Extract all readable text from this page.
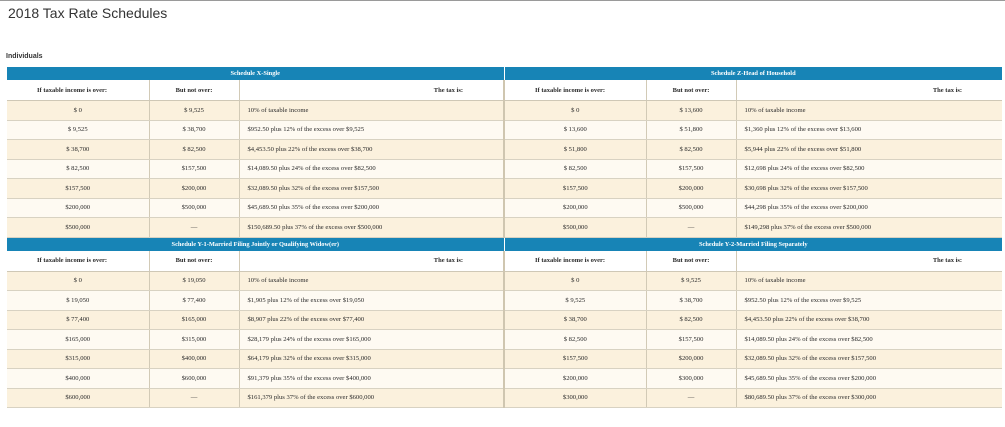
2018 Tax Rate Schedules
Individuals
Schedule X-Single			Schedule Z-Head of Household		
If taxable income is over:	But not over:	The tax is:	If taxable income is over:	But not over:	The tax is:
$ 0	$ 9,525	10% of taxable income	$ 0	$ 13,600	10% of taxable income
$ 9,525	$ 38,700	$952.50 plus 12% of the excess over $9,525	$ 13,600	$ 51,800	$1,360 plus 12% of the excess over $13,600
$ 38,700	$ 82,500	$4,453.50 plus 22% of the excess over $38,700	$ 51,800	$ 82,500	$5,944 plus 22% of the excess over $51,800
$ 82,500	$157,500	$14,089.50 plus 24% of the excess over $82,500	$ 82,500	$157,500	$12,698 plus 24% of the excess over $82,500
$157,500	$200,000	$32,089.50 plus 32% of the excess over $157,500	$157,500	$200,000	$30,698 plus 32% of the excess over $157,500
$200,000	$500,000	$45,689.50 plus 35% of the excess over $200,000	$200,000	$500,000	$44,298 plus 35% of the excess over $200,000
$500,000	—	$150,689.50 plus 37% of the excess over $500,000	$500,000	—	$149,298 plus 37% of the excess over $500,000
Schedule Y-1-Married Filing Jointly or Qualifying Widow(er)			Schedule Y-2-Married Filing Separately		
If taxable income is over:	But not over:	The tax is:	If taxable income is over:	But not over:	The tax is:
$ 0	$ 19,050	10% of taxable income	$ 0	$ 9,525	10% of taxable income
$ 19,050	$ 77,400	$1,905 plus 12% of the excess over $19,050	$ 9,525	$ 38,700	$952.50 plus 12% of the excess over $9,525
$ 77,400	$165,000	$8,907 plus 22% of the excess over $77,400	$ 38,700	$ 82,500	$4,453.50 plus 22% of the excess over $38,700
$165,000	$315,000	$28,179 plus 24% of the excess over $165,000	$ 82,500	$157,500	$14,089.50 plus 24% of the excess over $82,500
$315,000	$400,000	$64,179 plus 32% of the excess over $315,000	$157,500	$200,000	$32,089.50 plus 32% of the excess over $157,500
$400,000	$600,000	$91,379 plus 35% of the excess over $400,000	$200,000	$300,000	$45,689.50 plus 35% of the excess over $200,000
$600,000	—	$161,379 plus 37% of the excess over $600,000	$300,000	—	$80,689.50 plus 37% of the excess over $300,000
